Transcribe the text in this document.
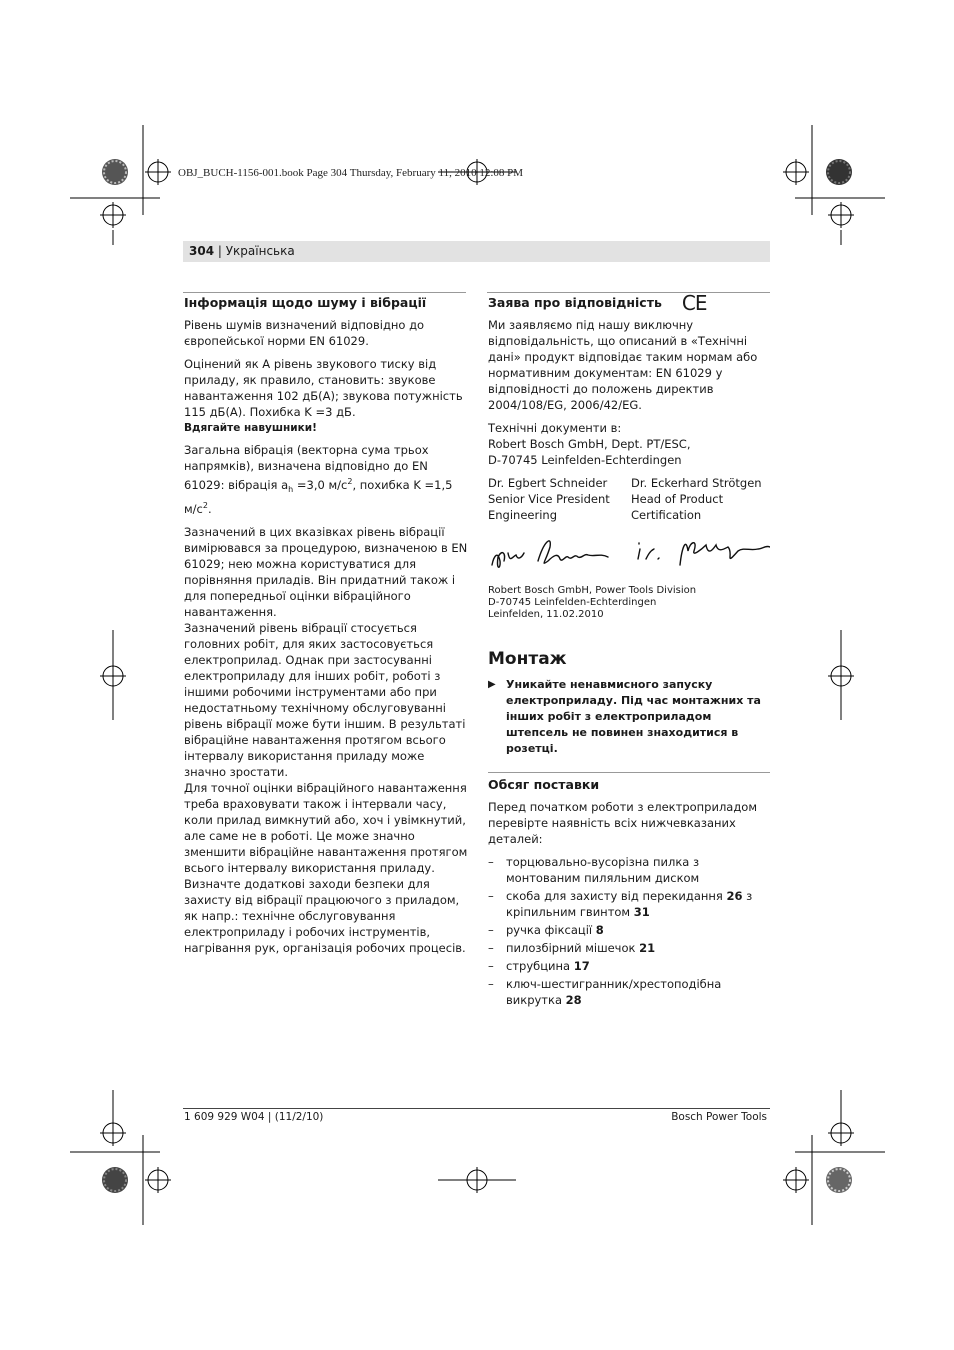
OBJ_BUCH-1156-001.book Page 304 Thursday, February 11, 2010 12:08 PM
304 | Українська
Інформація щодо шуму і вібрації

Рівень шумів визначений відповідно до європейської норми EN 61029.

Оцінений як A рівень звукового тиску від приладу, як правило, становить: звукове навантаження 102 дБ(A); звукова потужність 115 дБ(A). Похибка K =3 дБ.

Вдягайте навушники!

Загальна вібрація (векторна сума трьох напрямків), визначена відповідно до EN 61029: вібрація $a_h =3,0$ $м/с^2$, похибка K =1,5 $м/с^2$.

Зазначений в цих вказівках рівень вібрації вимірювався за процедурою, визначеною в EN 61029; нею можна користуватися для порівняння приладів. Він придатний також і для попередньої оцінки вібраційного навантаження.

Зазначений рівень вібрації стосується головних робіт, для яких застосовується електроприлад. Однак при застосуванні електроприладу для інших робіт, роботі з іншими робочими інструментами або при недостатньому технічному обслуговуванні рівень вібрації може бути іншим. В результаті вібраційне навантаження протягом всього інтервалу використання приладу може значно зростати.

Для точної оцінки вібраційного навантаження треба враховувати також і інтервали часу, коли прилад вимкнутий або, хоч і увімкнутий, але саме не в роботі. Це може значно зменшити вібраційне навантаження протягом всього інтервалу використання приладу.

Визначте додаткові заходи безпеки для захисту від вібрації працюючого з приладом, як напр.: технічне обслуговування електроприладу і робочих інструментів, нагрівання рук, організація робочих процесів.

Заява про відповідність CE

Ми заявляємо під нашу виключну відповідальність, що описаний в «Технічні дані» продукт відповідає таким нормам або нормативним документам: EN 61029 у відповідності до положень директив 2004/108/EG, 2006/42/EG.

Технічні документи в:
Robert Bosch GmbH, Dept. PT/ESC,
D-70745 Leinfelden-Echterdingen

Dr. Egbert Schneider
Senior Vice President
Engineering
Dr. Eckerhard Strötgen
Head of Product
Certification
Robert Bosch GmbH, Power Tools Division
D-70745 Leinfelden-Echterdingen
Leinfelden, 11.02.2010
Монтаж
▶ Уникайте ненавмисного запуску електроприладу. Під час монтажних та інших робіт з електроприладом штепсель не повинен знаходитися в розетці.
Обсяг поставки

Перед початком роботи з електроприладом перевірте наявність всіх нижчевказаних деталей:

– торцювально-вусорізна пилка з монтованим пиляльним диском
– скоба для захисту від перекидання 26 з кріпильним гвинтом 31
– ручка фіксації 8
– пилозбірний мішечок 21
– струбцина 17
– ключ-шестигранник/хрестоподібна викрутка 28
1 609 929 W04 | (11/2/10)	Bosch Power Tools
